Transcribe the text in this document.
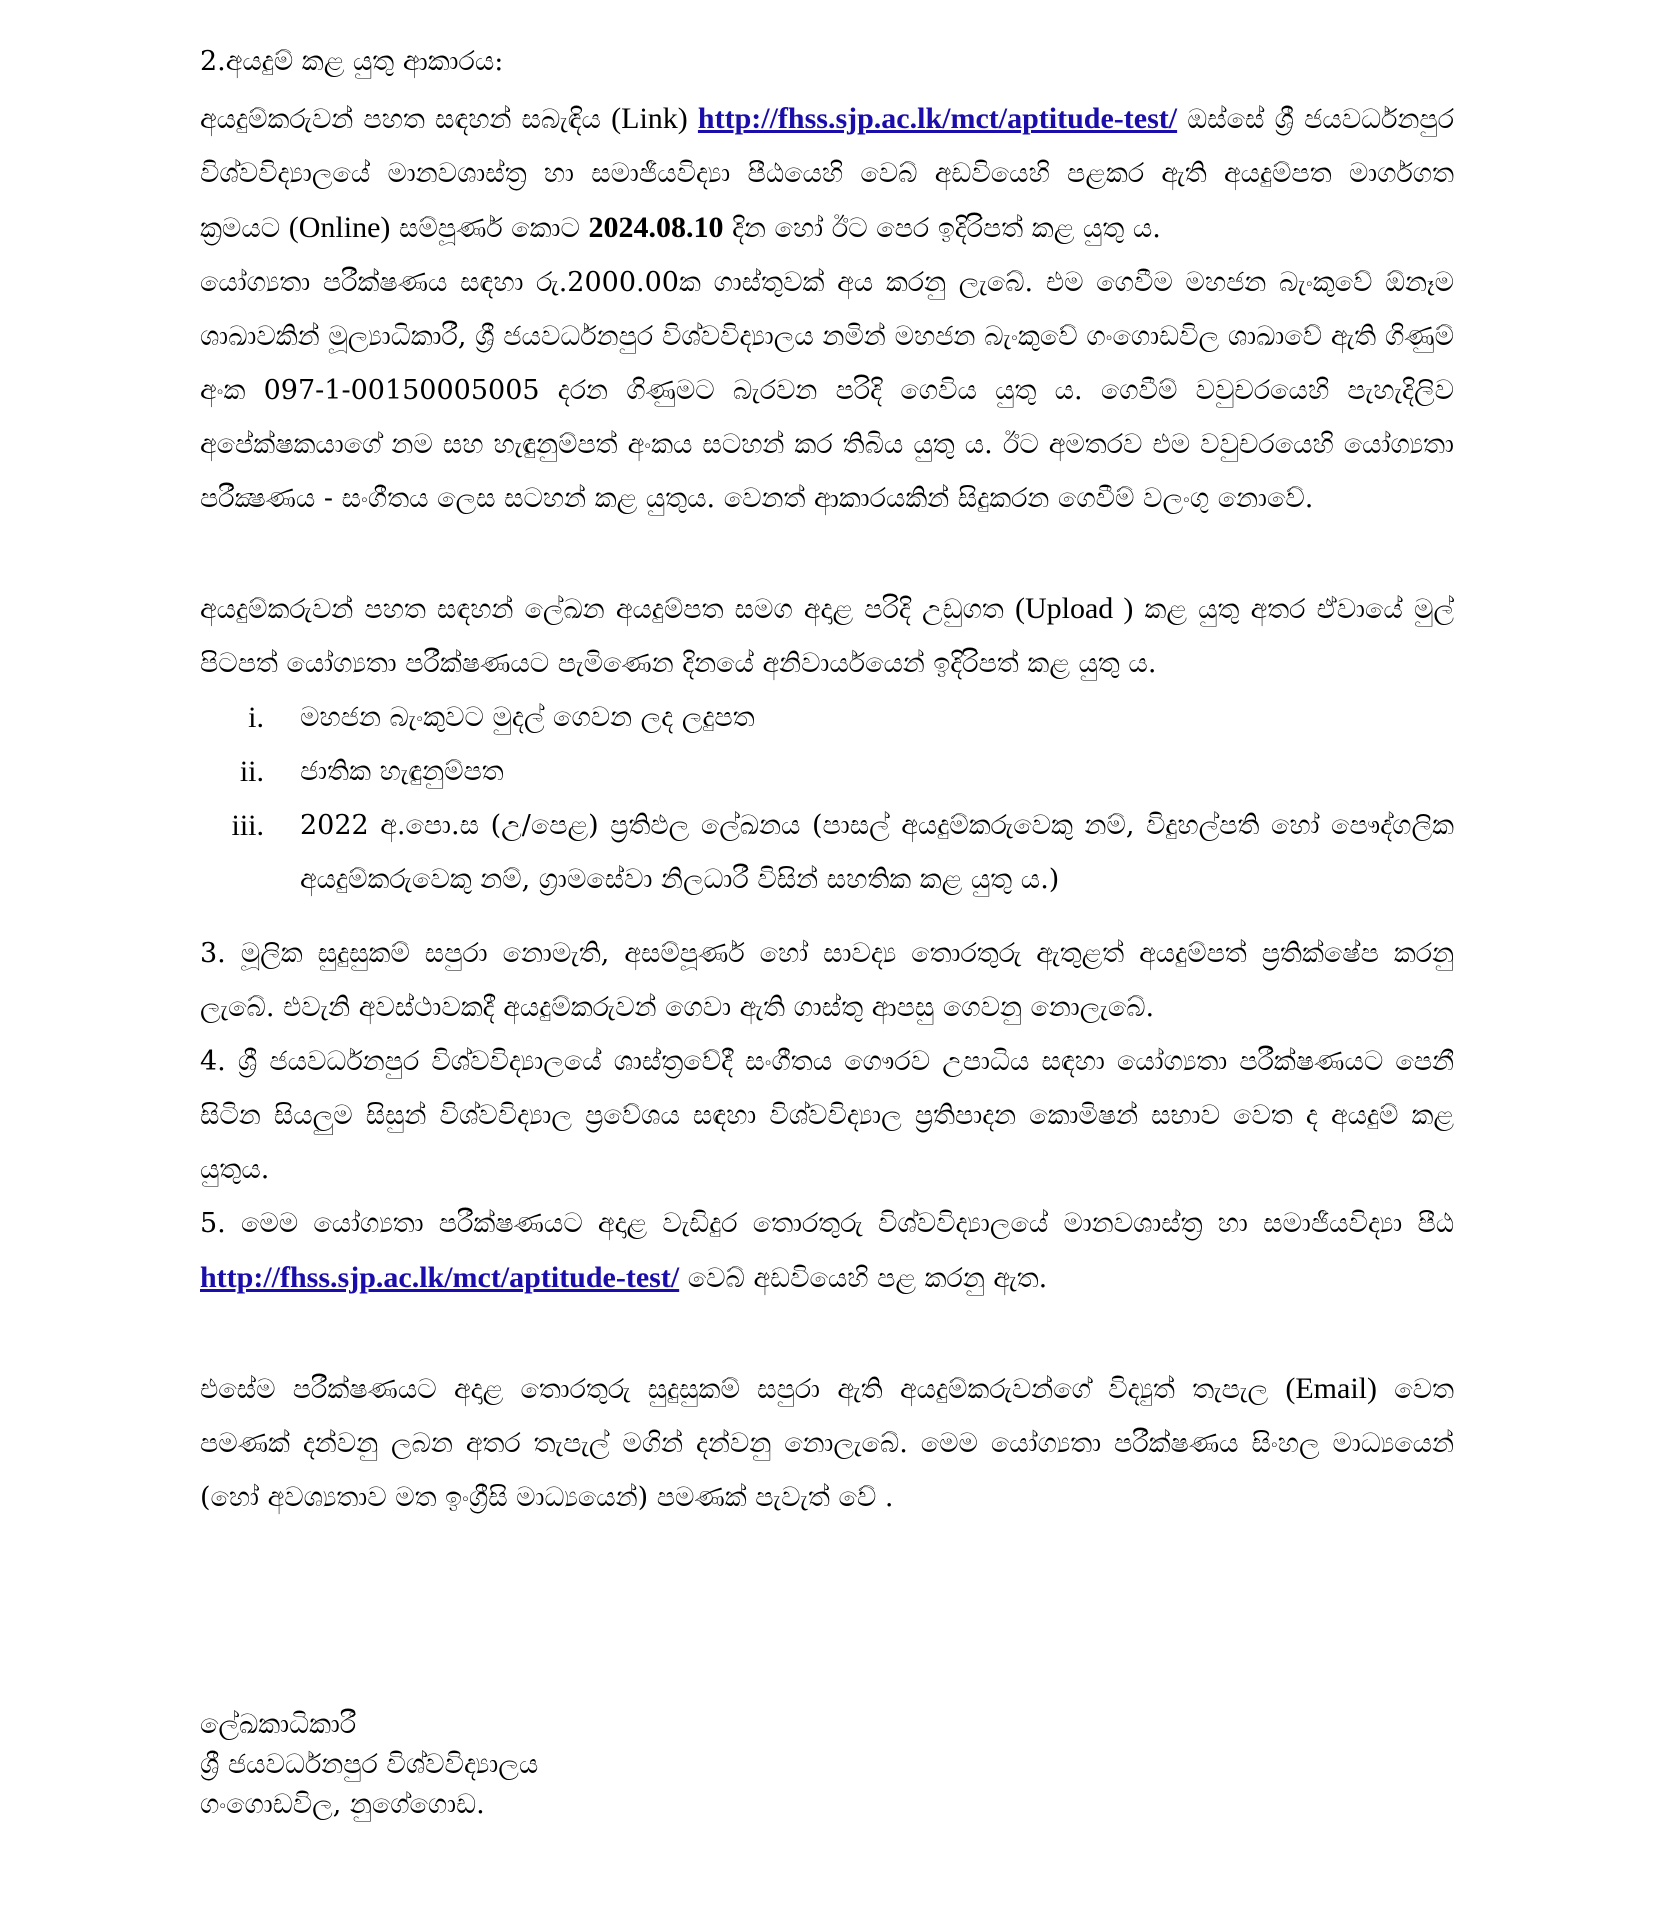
2.අයදුම් කළ යුතු ආකාරය:

අයදුම්කරුවන් පහත සඳහන් සබැඳිය (Link) http://fhss.sjp.ac.lk/mct/aptitude-test/ ඔස්සේ ශ්‍රී ජයවර්ධනපුර විශ්වවිද්‍යාලයේ මානවශාස්ත්‍ර හා සමාජීයවිද්‍යා පීඨයෙහි වෙබ් අඩවියෙහි පළකර ඇති අයදුම්පත මාර්ගගත ක්‍රමයට (Online) සම්පූර්ණ කොට 2024.08.10 දින හෝ ඊට පෙර ඉදිරිපත් කළ යුතු ය.

යෝග්‍යතා පරීක්ෂණය සඳහා රු.2000.00ක ගාස්තුවක් අය කරනු ලැබේ. එම ගෙවීම මහජන බැංකුවේ ඕනෑම ශාඛාවකින් මූල්‍යාධිකාරී, ශ්‍රී ජයවර්ධනපුර විශ්වවිද්‍යාලය නමින් මහජන බැංකුවේ ගංගොඩවිල ශාඛාවේ ඇති ගිණුම් අංක 097-1-00150005005 දරන ගිණුමට බැරවන පරිදි ගෙවිය යුතු ය. ගෙවීම් වවුචරයෙහි පැහැදිලිව අපේක්ෂකයාගේ නම සහ හැඳුනුම්පත් අංකය සටහන් කර තිබිය යුතු ය. ඊට අමතරව එම වවුචරයෙහි යෝග්‍යතා පරීක්‍ෂණය - සංගීතය ලෙස සටහන් කළ යුතුය. වෙනත් ආකාරයකින් සිදුකරන ගෙවීම් වලංගු නොවේ.

අයදුම්කරුවන් පහත සඳහන් ලේඛන අයදුම්පත සමග අදාළ පරිදි උඩුගත (Upload ) කළ යුතු අතර ඒවායේ මුල් පිටපත් යෝග්‍යතා පරීක්ෂණයට පැමිණෙන දිනයේ අනිවාර්යයෙන් ඉදිරිපත් කළ යුතු ය.

i.	මහජන බැංකුවට මුදල් ගෙවන ලද ලදුපත
ii.	ජාතික හැඳුනුම්පත
iii.	2022 අ.පො.ස (උ/පෙළ) ප්‍රතිඵල ලේඛනය (පාසල් අයදුම්කරුවෙකු නම්, විදුහල්පති හෝ පෞද්ගලික අයදුම්කරුවෙකු නම්, ග්‍රාමසේවා නිලධාරී විසින් සහතික කළ යුතු ය.)

3. මූලික සුදුසුකම් සපුරා නොමැති, අසම්පූර්ණ හෝ සාවද්‍ය තොරතුරු ඇතුළත් අයදුම්පත් ප්‍රතික්ෂේප කරනු ලැබේ. එවැනි අවස්ථාවකදී අයදුම්කරුවන් ගෙවා ඇති ගාස්තු ආපසු ගෙවනු නොලැබේ.

4. ශ්‍රී ජයවර්ධනපුර විශ්වවිද්‍යාලයේ ශාස්ත්‍රවේදී සංගීතය ගෞරව උපාධිය සඳහා යෝග්‍යතා පරීක්ෂණයට පෙනී සිටින සියලුම සිසුන් විශ්වවිද්‍යාල ප්‍රවේශය සඳහා විශ්වවිද්‍යාල ප්‍රතිපාදන කොමිෂන් සභාව වෙත ද අයදුම් කළ යුතුය.

5. මෙම යෝග්‍යතා පරීක්ෂණයට අදාළ වැඩිදුර තොරතුරු විශ්වවිද්‍යාලයේ මානවශාස්ත්‍ර හා සමාජීයවිද්‍යා පීඨ http://fhss.sjp.ac.lk/mct/aptitude-test/ වෙබ් අඩවියෙහි පළ කරනු ඇත.

එසේම පරීක්ෂණයට අදාළ තොරතුරු සුදුසුකම් සපුරා ඇති අයදුම්කරුවන්ගේ විද්‍යුත් තැපැල (Email) වෙත පමණක් දන්වනු ලබන අතර තැපැල් මගින් දන්වනු නොලැබේ. මෙම යෝග්‍යතා පරීක්ෂණය සිංහල මාධ්‍යයෙන් (හෝ අවශ්‍යතාව මත ඉංග්‍රීසි මාධ්‍යයෙන්) පමණක් පැවැත් වේ .

ලේඛකාධිකාරී

ශ්‍රී ජයවර්ධනපුර විශ්වවිද්‍යාලය

ගංගොඩවිල, නුගේගොඩ.
